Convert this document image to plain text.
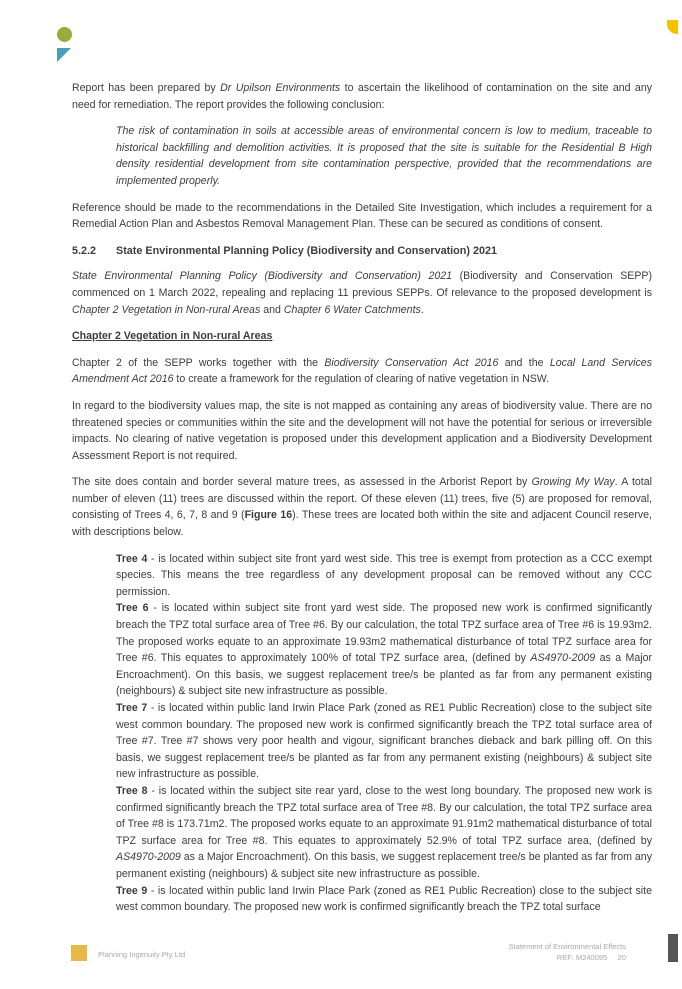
Report has been prepared by Dr Upilson Environments to ascertain the likelihood of contamination on the site and any need for remediation. The report provides the following conclusion:

The risk of contamination in soils at accessible areas of environmental concern is low to medium, traceable to historical backfilling and demolition activities. It is proposed that the site is suitable for the Residential B High density residential development from site contamination perspective, provided that the recommendations are implemented properly.

Reference should be made to the recommendations in the Detailed Site Investigation, which includes a requirement for a Remedial Action Plan and Asbestos Removal Management Plan. These can be secured as conditions of consent.

5.2.2 State Environmental Planning Policy (Biodiversity and Conservation) 2021

State Environmental Planning Policy (Biodiversity and Conservation) 2021 (Biodiversity and Conservation SEPP) commenced on 1 March 2022, repealing and replacing 11 previous SEPPs. Of relevance to the proposed development is Chapter 2 Vegetation in Non-rural Areas and Chapter 6 Water Catchments.

Chapter 2 Vegetation in Non-rural Areas

Chapter 2 of the SEPP works together with the Biodiversity Conservation Act 2016 and the Local Land Services Amendment Act 2016 to create a framework for the regulation of clearing of native vegetation in NSW.

In regard to the biodiversity values map, the site is not mapped as containing any areas of biodiversity value. There are no threatened species or communities within the site and the development will not have the potential for serious or irreversible impacts. No clearing of native vegetation is proposed under this development application and a Biodiversity Development Assessment Report is not required.

The site does contain and border several mature trees, as assessed in the Arborist Report by Growing My Way. A total number of eleven (11) trees are discussed within the report. Of these eleven (11) trees, five (5) are proposed for removal, consisting of Trees 4, 6, 7, 8 and 9 (Figure 16). These trees are located both within the site and adjacent Council reserve, with descriptions below.

Tree 4 - is located within subject site front yard west side. This tree is exempt from protection as a CCC exempt species. This means the tree regardless of any development proposal can be removed without any CCC permission.

Tree 6 - is located within subject site front yard west side. The proposed new work is confirmed significantly breach the TPZ total surface area of Tree #6. By our calculation, the total TPZ surface area of Tree #6 is 19.93m2. The proposed works equate to an approximate 19.93m2 mathematical disturbance of total TPZ surface area for Tree #6. This equates to approximately 100% of total TPZ surface area, (defined by AS4970-2009 as a Major Encroachment). On this basis, we suggest replacement tree/s be planted as far from any permanent existing (neighbours) & subject site new infrastructure as possible.

Tree 7 - is located within public land Irwin Place Park (zoned as RE1 Public Recreation) close to the subject site west common boundary. The proposed new work is confirmed significantly breach the TPZ total surface area of Tree #7. Tree #7 shows very poor health and vigour, significant branches dieback and bark pilling off. On this basis, we suggest replacement tree/s be planted as far from any permanent existing (neighbours) & subject site new infrastructure as possible.

Tree 8 - is located within the subject site rear yard, close to the west long boundary. The proposed new work is confirmed significantly breach the TPZ total surface area of Tree #8. By our calculation, the total TPZ surface area of Tree #8 is 173.71m2. The proposed works equate to an approximate 91.91m2 mathematical disturbance of total TPZ surface area for Tree #8. This equates to approximately 52.9% of total TPZ surface area, (defined by AS4970-2009 as a Major Encroachment). On this basis, we suggest replacement tree/s be planted as far from any permanent existing (neighbours) & subject site new infrastructure as possible.

Tree 9 - is located within public land Irwin Place Park (zoned as RE1 Public Recreation) close to the subject site west common boundary. The proposed new work is confirmed significantly breach the TPZ total surface

Planning Ingenuity Pty Ltd
Statement of Environmental Effects
REF: M240095 20
